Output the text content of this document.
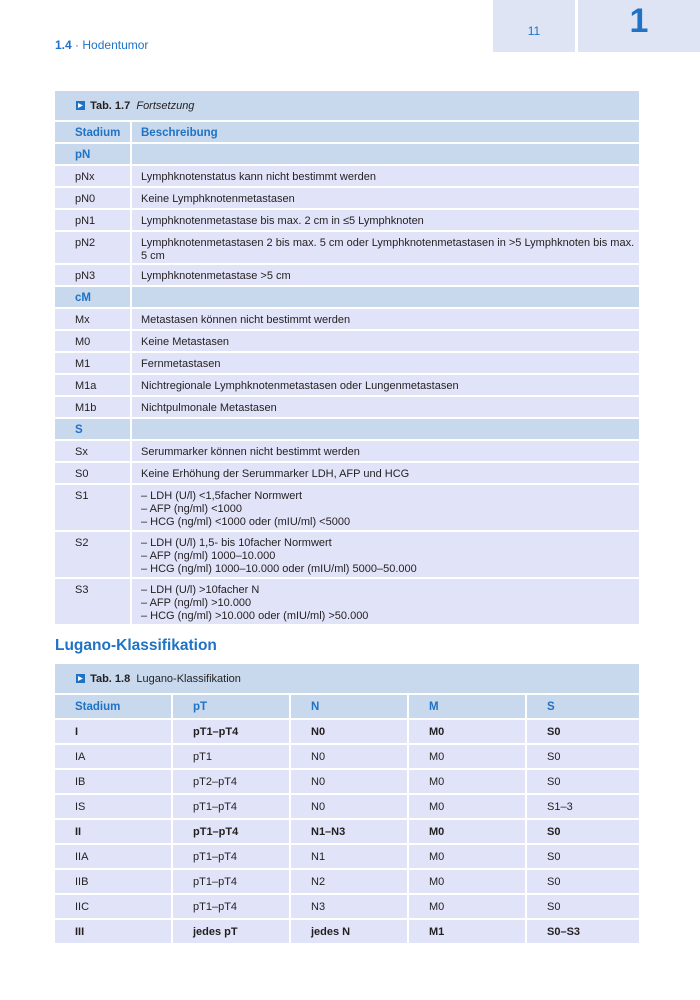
1.4 · Hodentumor
11	1
Tab. 1.7 Fortsetzung
Stadium	Beschreibung
pN
pNx	Lymphknotenstatus kann nicht bestimmt werden
pN0	Keine Lymphknotenmetastasen
pN1	Lymphknotenmetastase bis max. 2 cm in ≤5 Lymphknoten
pN2	Lymphknotenmetastasen 2 bis max. 5 cm oder Lymphknotenmetastasen in >5 Lymphknoten bis max. 5 cm
pN3	Lymphknotenmetastase >5 cm
cM
Mx	Metastasen können nicht bestimmt werden
M0	Keine Metastasen
M1	Fernmetastasen
M1a	Nichtregionale Lymphknotenmetastasen oder Lungenmetastasen
M1b	Nichtpulmonale Metastasen
S
Sx	Serummarker können nicht bestimmt werden
S0	Keine Erhöhung der Serummarker LDH, AFP und HCG
S1	– LDH (U/l) <1,5facher Normwert
– AFP (ng/ml) <1000
– HCG (ng/ml) <1000 oder (mIU/ml) <5000
S2	– LDH (U/l) 1,5- bis 10facher Normwert
– AFP (ng/ml) 1000–10.000
– HCG (ng/ml) 1000–10.000 oder (mIU/ml) 5000–50.000
S3	– LDH (U/l) >10facher N
– AFP (ng/ml) >10.000
– HCG (ng/ml) >10.000 oder (mIU/ml) >50.000
Lugano-Klassifikation
Tab. 1.8 Lugano-Klassifikation
Stadium	pT	N	M	S
I	pT1–pT4	N0	M0	S0
IA	pT1	N0	M0	S0
IB	pT2–pT4	N0	M0	S0
IS	pT1–pT4	N0	M0	S1–3
II	pT1–pT4	N1–N3	M0	S0
IIA	pT1–pT4	N1	M0	S0
IIB	pT1–pT4	N2	M0	S0
IIC	pT1–pT4	N3	M0	S0
III	jedes pT	jedes N	M1	S0–S3
